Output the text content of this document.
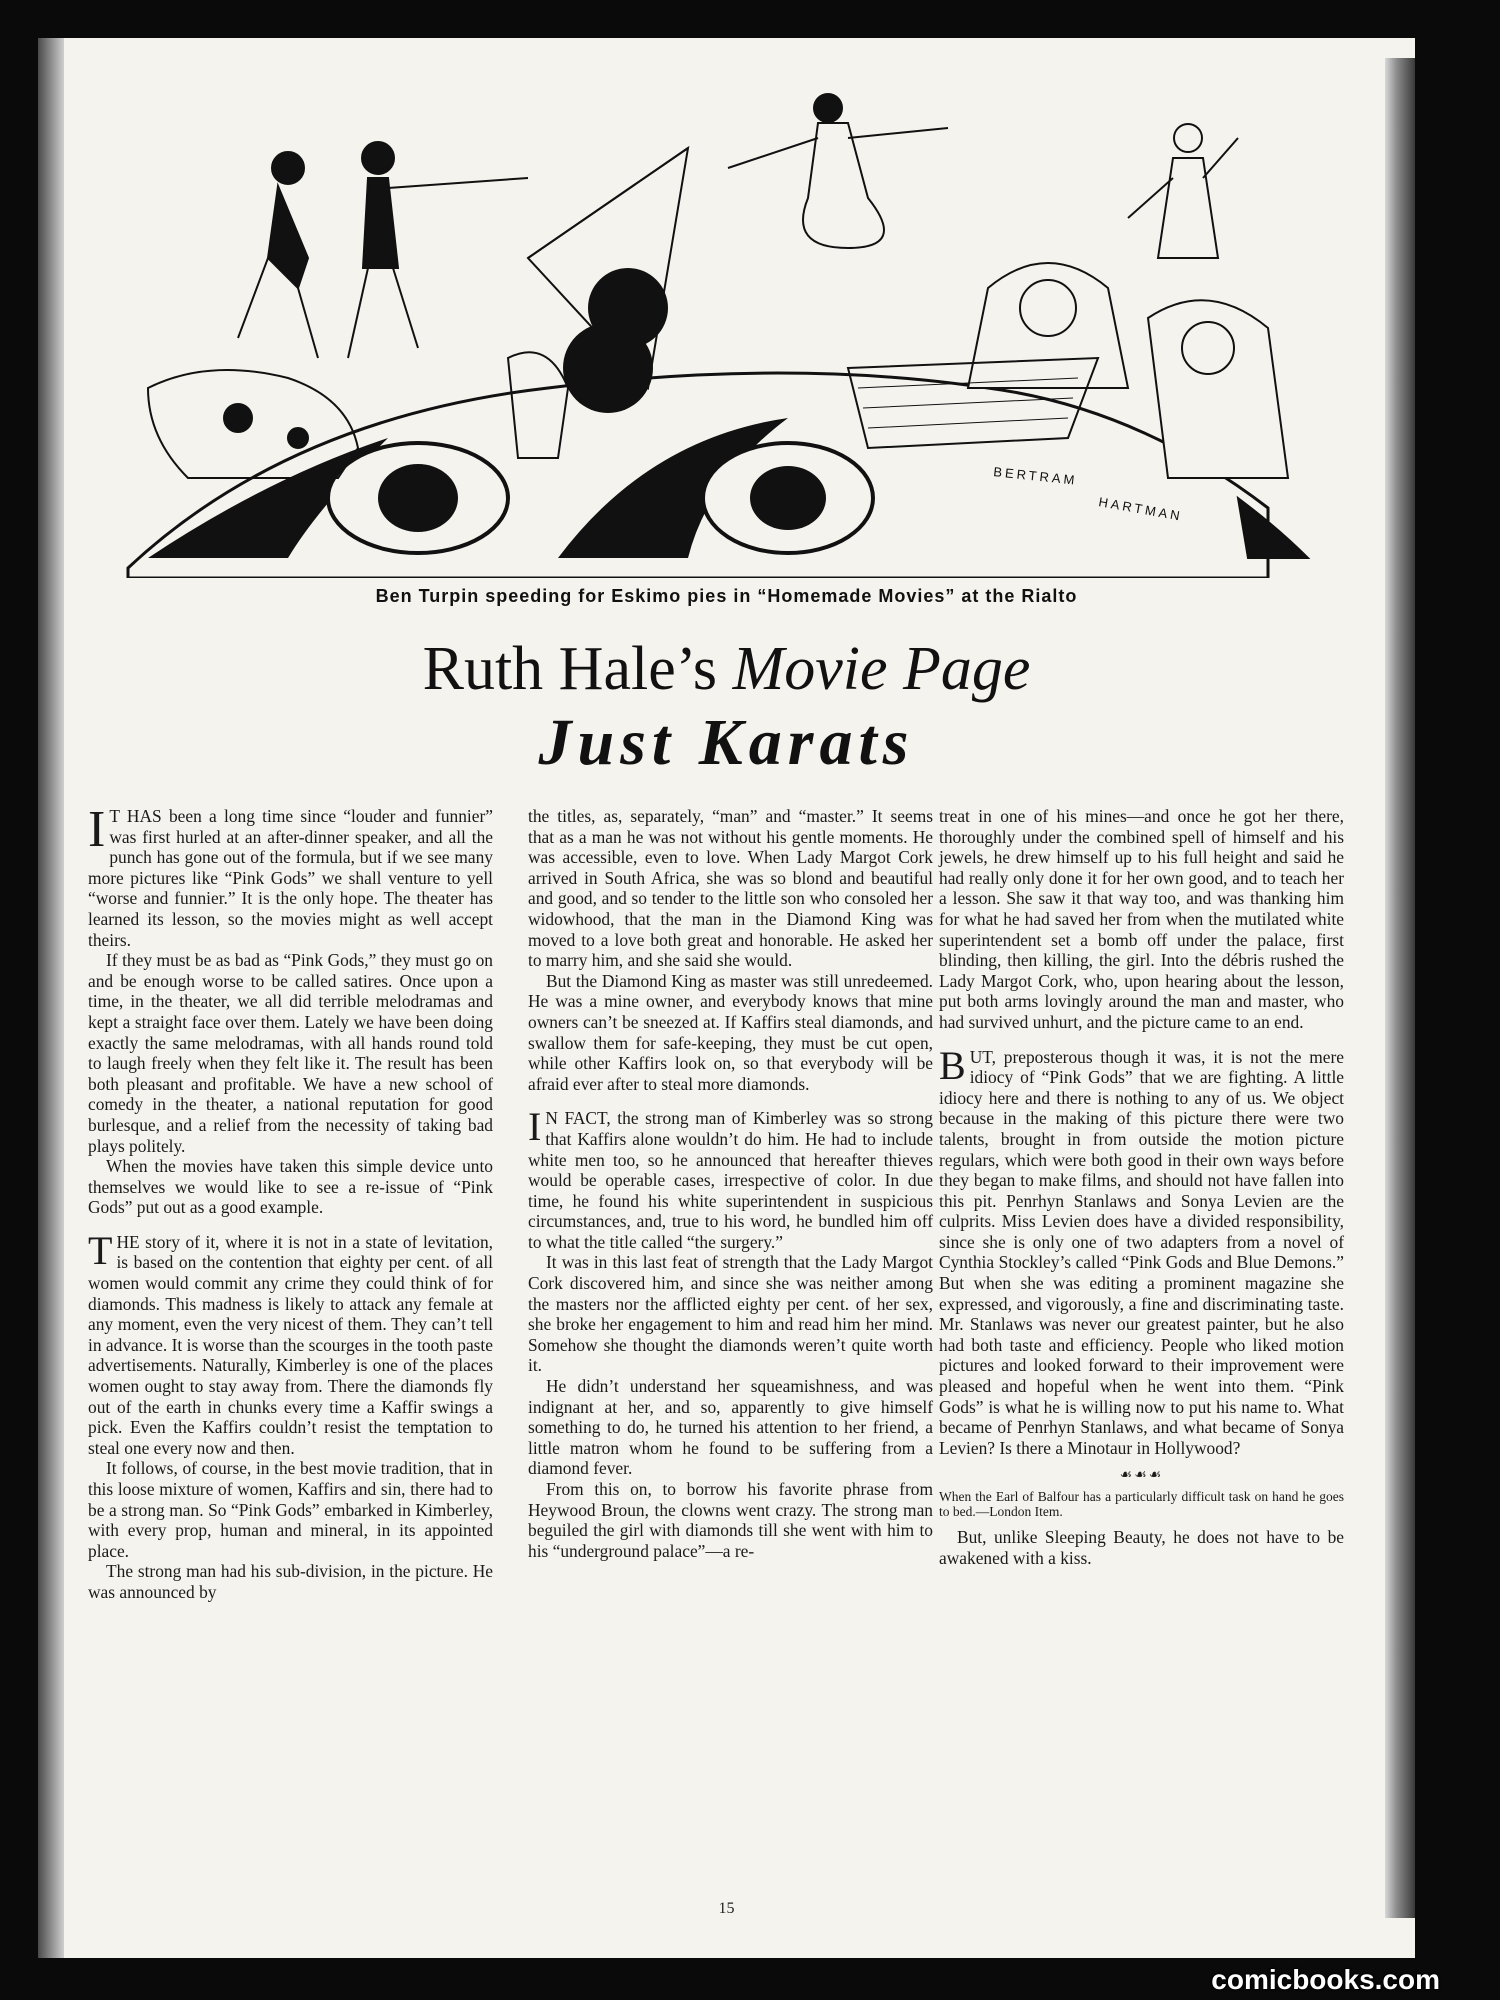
BERTRAM
HARTMAN
Ben Turpin speeding for Eskimo pies in “Homemade Movies” at the Rialto
Ruth Hale’s Movie Page
Just Karats

IT HAS been a long time since “louder and funnier” was first hurled at an after-dinner speaker, and all the punch has gone out of the formula, but if we see many more pictures like “Pink Gods” we shall venture to yell “worse and funnier.” It is the only hope. The theater has learned its lesson, so the movies might as well accept theirs.

If they must be as bad as “Pink Gods,” they must go on and be enough worse to be called satires. Once upon a time, in the theater, we all did terrible melodramas and kept a straight face over them. Lately we have been doing exactly the same melodramas, with all hands round told to laugh freely when they felt like it. The result has been both pleasant and profitable. We have a new school of comedy in the theater, a national reputation for good burlesque, and a relief from the necessity of taking bad plays politely.

When the movies have taken this simple device unto themselves we would like to see a re-issue of “Pink Gods” put out as a good example.

THE story of it, where it is not in a state of levitation, is based on the contention that eighty per cent. of all women would commit any crime they could think of for diamonds. This madness is likely to attack any female at any moment, even the very nicest of them. They can’t tell in advance. It is worse than the scourges in the tooth paste advertisements. Naturally, Kimberley is one of the places women ought to stay away from. There the diamonds fly out of the earth in chunks every time a Kaffir swings a pick. Even the Kaffirs couldn’t resist the temptation to steal one every now and then.

It follows, of course, in the best movie tradition, that in this loose mixture of women, Kaffirs and sin, there had to be a strong man. So “Pink Gods” embarked in Kimberley, with every prop, human and mineral, in its appointed place.

The strong man had his sub-division, in the picture. He was announced by

the titles, as, separately, “man” and “master.” It seems that as a man he was not without his gentle moments. He was accessible, even to love. When Lady Margot Cork arrived in South Africa, she was so blond and beautiful and good, and so tender to the little son who consoled her widowhood, that the man in the Diamond King was moved to a love both great and honorable. He asked her to marry him, and she said she would.

But the Diamond King as master was still unredeemed. He was a mine owner, and everybody knows that mine owners can’t be sneezed at. If Kaffirs steal diamonds, and swallow them for safe-keeping, they must be cut open, while other Kaffirs look on, so that everybody will be afraid ever after to steal more diamonds.

IN FACT, the strong man of Kimberley was so strong that Kaffirs alone wouldn’t do him. He had to include white men too, so he announced that hereafter thieves would be operable cases, irrespective of color. In due time, he found his white superintendent in suspicious circumstances, and, true to his word, he bundled him off to what the title called “the surgery.”

It was in this last feat of strength that the Lady Margot Cork discovered him, and since she was neither among the masters nor the afflicted eighty per cent. of her sex, she broke her engagement to him and read him her mind. Somehow she thought the diamonds weren’t quite worth it.

He didn’t understand her squeamishness, and was indignant at her, and so, apparently to give himself something to do, he turned his attention to her friend, a little matron whom he found to be suffering from a diamond fever.

From this on, to borrow his favorite phrase from Heywood Broun, the clowns went crazy. The strong man beguiled the girl with diamonds till she went with him to his “underground palace”—a re-

treat in one of his mines—and once he got her there, thoroughly under the combined spell of himself and his jewels, he drew himself up to his full height and said he had really only done it for her own good, and to teach her a lesson. She saw it that way too, and was thanking him for what he had saved her from when the mutilated white superintendent set a bomb off under the palace, first blinding, then killing, the girl. Into the débris rushed the Lady Margot Cork, who, upon hearing about the lesson, put both arms lovingly around the man and master, who had survived unhurt, and the picture came to an end.

BUT, preposterous though it was, it is not the mere idiocy of “Pink Gods” that we are fighting. A little idiocy here and there is nothing to any of us. We object because in the making of this picture there were two talents, brought in from outside the motion picture regulars, which were both good in their own ways before they began to make films, and should not have fallen into this pit. Penrhyn Stanlaws and Sonya Levien are the culprits. Miss Levien does have a divided responsibility, since she is only one of two adapters from a novel of Cynthia Stockley’s called “Pink Gods and Blue Demons.” But when she was editing a prominent magazine she expressed, and vigorously, a fine and discriminating taste. Mr. Stanlaws was never our greatest painter, but he also had both taste and efficiency. People who liked motion pictures and looked forward to their improvement were pleased and hopeful when he went into them. “Pink Gods” is what he is willing now to put his name to. What became of Penrhyn Stanlaws, and what became of Sonya Levien? Is there a Minotaur in Hollywood?

☙☙☙

When the Earl of Balfour has a particularly difficult task on hand he goes to bed.—London Item.

But, unlike Sleeping Beauty, he does not have to be awakened with a kiss.

15
comicbooks.com
